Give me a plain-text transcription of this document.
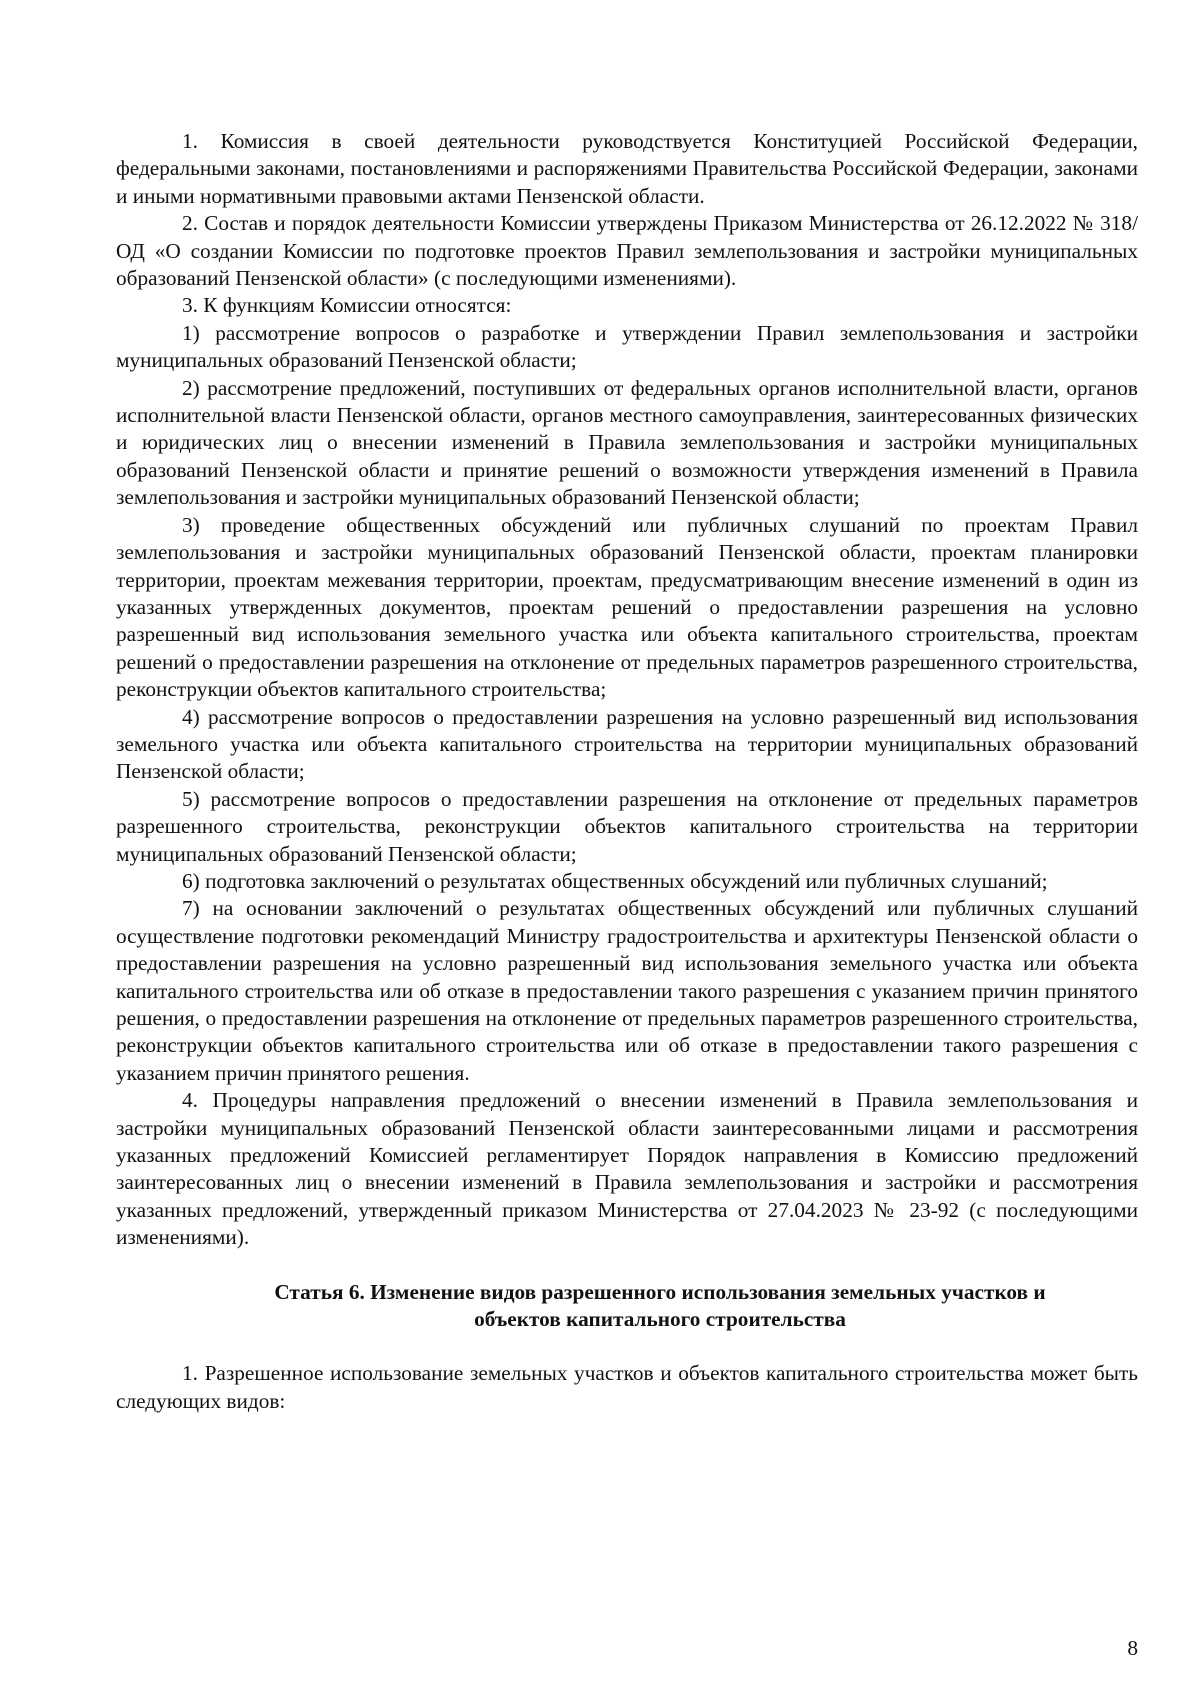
1. Комиссия в своей деятельности руководствуется Конституцией Российской Федерации, федеральными законами, постановлениями и распоряжениями Правительства Российской Федерации, законами и иными нормативными правовыми актами Пензенской области.

2. Состав и порядок деятельности Комиссии утверждены Приказом Министерства от 26.12.2022 № 318/ОД «О создании Комиссии по подготовке проектов Правил землепользования и застройки муниципальных образований Пензенской области» (с последующими изменениями).

3. К функциям Комиссии относятся:

1) рассмотрение вопросов о разработке и утверждении Правил землепользования и застройки муниципальных образований Пензенской области;

2) рассмотрение предложений, поступивших от федеральных органов исполнительной власти, органов исполнительной власти Пензенской области, органов местного самоуправления, заинтересованных физических и юридических лиц о внесении изменений в Правила землепользования и застройки муниципальных образований Пензенской области и принятие решений о возможности утверждения изменений в Правила землепользования и застройки муниципальных образований Пензенской области;

3) проведение общественных обсуждений или публичных слушаний по проектам Правил землепользования и застройки муниципальных образований Пензенской области, проектам планировки территории, проектам межевания территории, проектам, предусматривающим внесение изменений в один из указанных утвержденных документов, проектам решений о предоставлении разрешения на условно разрешенный вид использования земельного участка или объекта капитального строительства, проектам решений о предоставлении разрешения на отклонение от предельных параметров разрешенного строительства, реконструкции объектов капитального строительства;

4) рассмотрение вопросов о предоставлении разрешения на условно разрешенный вид использования земельного участка или объекта капитального строительства на территории муниципальных образований Пензенской области;

5) рассмотрение вопросов о предоставлении разрешения на отклонение от предельных параметров разрешенного строительства, реконструкции объектов капитального строительства на территории муниципальных образований Пензенской области;

6) подготовка заключений о результатах общественных обсуждений или публичных слушаний;

7) на основании заключений о результатах общественных обсуждений или публичных слушаний осуществление подготовки рекомендаций Министру градостроительства и архитектуры Пензенской области о предоставлении разрешения на условно разрешенный вид использования земельного участка или объекта капитального строительства или об отказе в предоставлении такого разрешения с указанием причин принятого решения, о предоставлении разрешения на отклонение от предельных параметров разрешенного строительства, реконструкции объектов капитального строительства или об отказе в предоставлении такого разрешения с указанием причин принятого решения.

4. Процедуры направления предложений о внесении изменений в Правила землепользования и застройки муниципальных образований Пензенской области заинтересованными лицами и рассмотрения указанных предложений Комиссией регламентирует Порядок направления в Комиссию предложений заинтересованных лиц о внесении изменений в Правила землепользования и застройки и рассмотрения указанных предложений, утвержденный приказом Министерства от 27.04.2023 № 23-92 (с последующими изменениями).

Статья 6. Изменение видов разрешенного использования земельных участков и
объектов капитального строительства

1. Разрешенное использование земельных участков и объектов капитального строительства может быть следующих видов:

8
